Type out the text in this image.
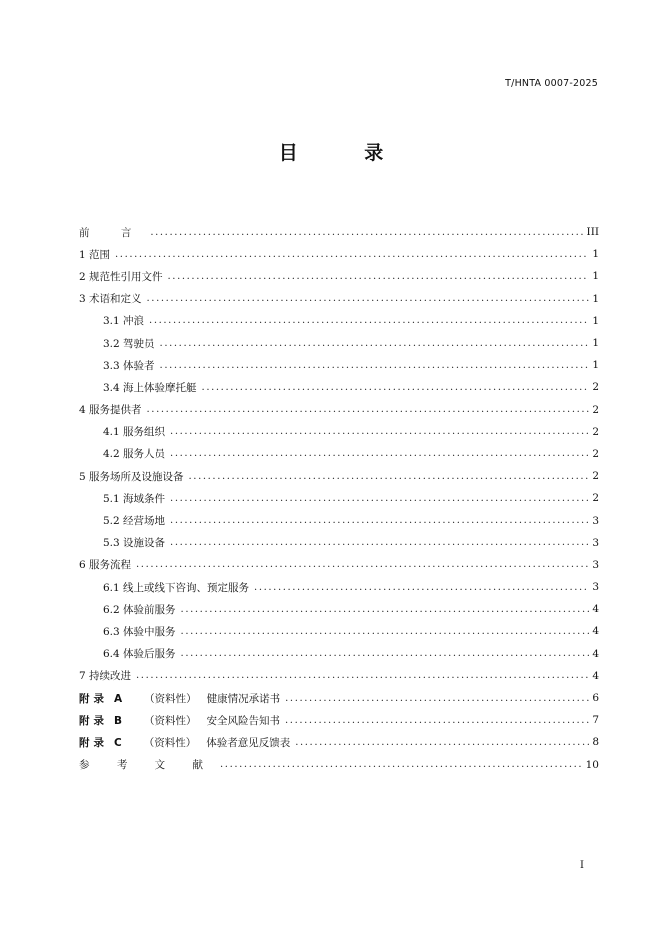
T/HNTA 0007-2025
目 录
前 言 .....	III
1 范围 .....	1
2 规范性引用文件 .....	1
3 术语和定义 .....	1
3.1 冲浪 .....	1
3.2 驾驶员 .....	1
3.3 体验者 .....	1
3.4 海上体验摩托艇 .....	2
4 服务提供者 .....	2
4.1 服务组织 .....	2
4.2 服务人员 .....	2
5 服务场所及设施设备 .....	2
5.1 海域条件 .....	2
5.2 经营场地 .....	3
5.3 设施设备 .....	3
6 服务流程 .....	3
6.1 线上或线下咨询、预定服务 .....	3
6.2 体验前服务 .....	4
6.3 体验中服务 .....	4
6.4 体验后服务 .....	4
7 持续改进 .....	4
附录 A （资料性） 健康情况承诺书 .....	6
附录 B （资料性） 安全风险告知书 .....	7
附录 C （资料性） 体验者意见反馈表 .....	8
参 考 文 献 .....	10
I
